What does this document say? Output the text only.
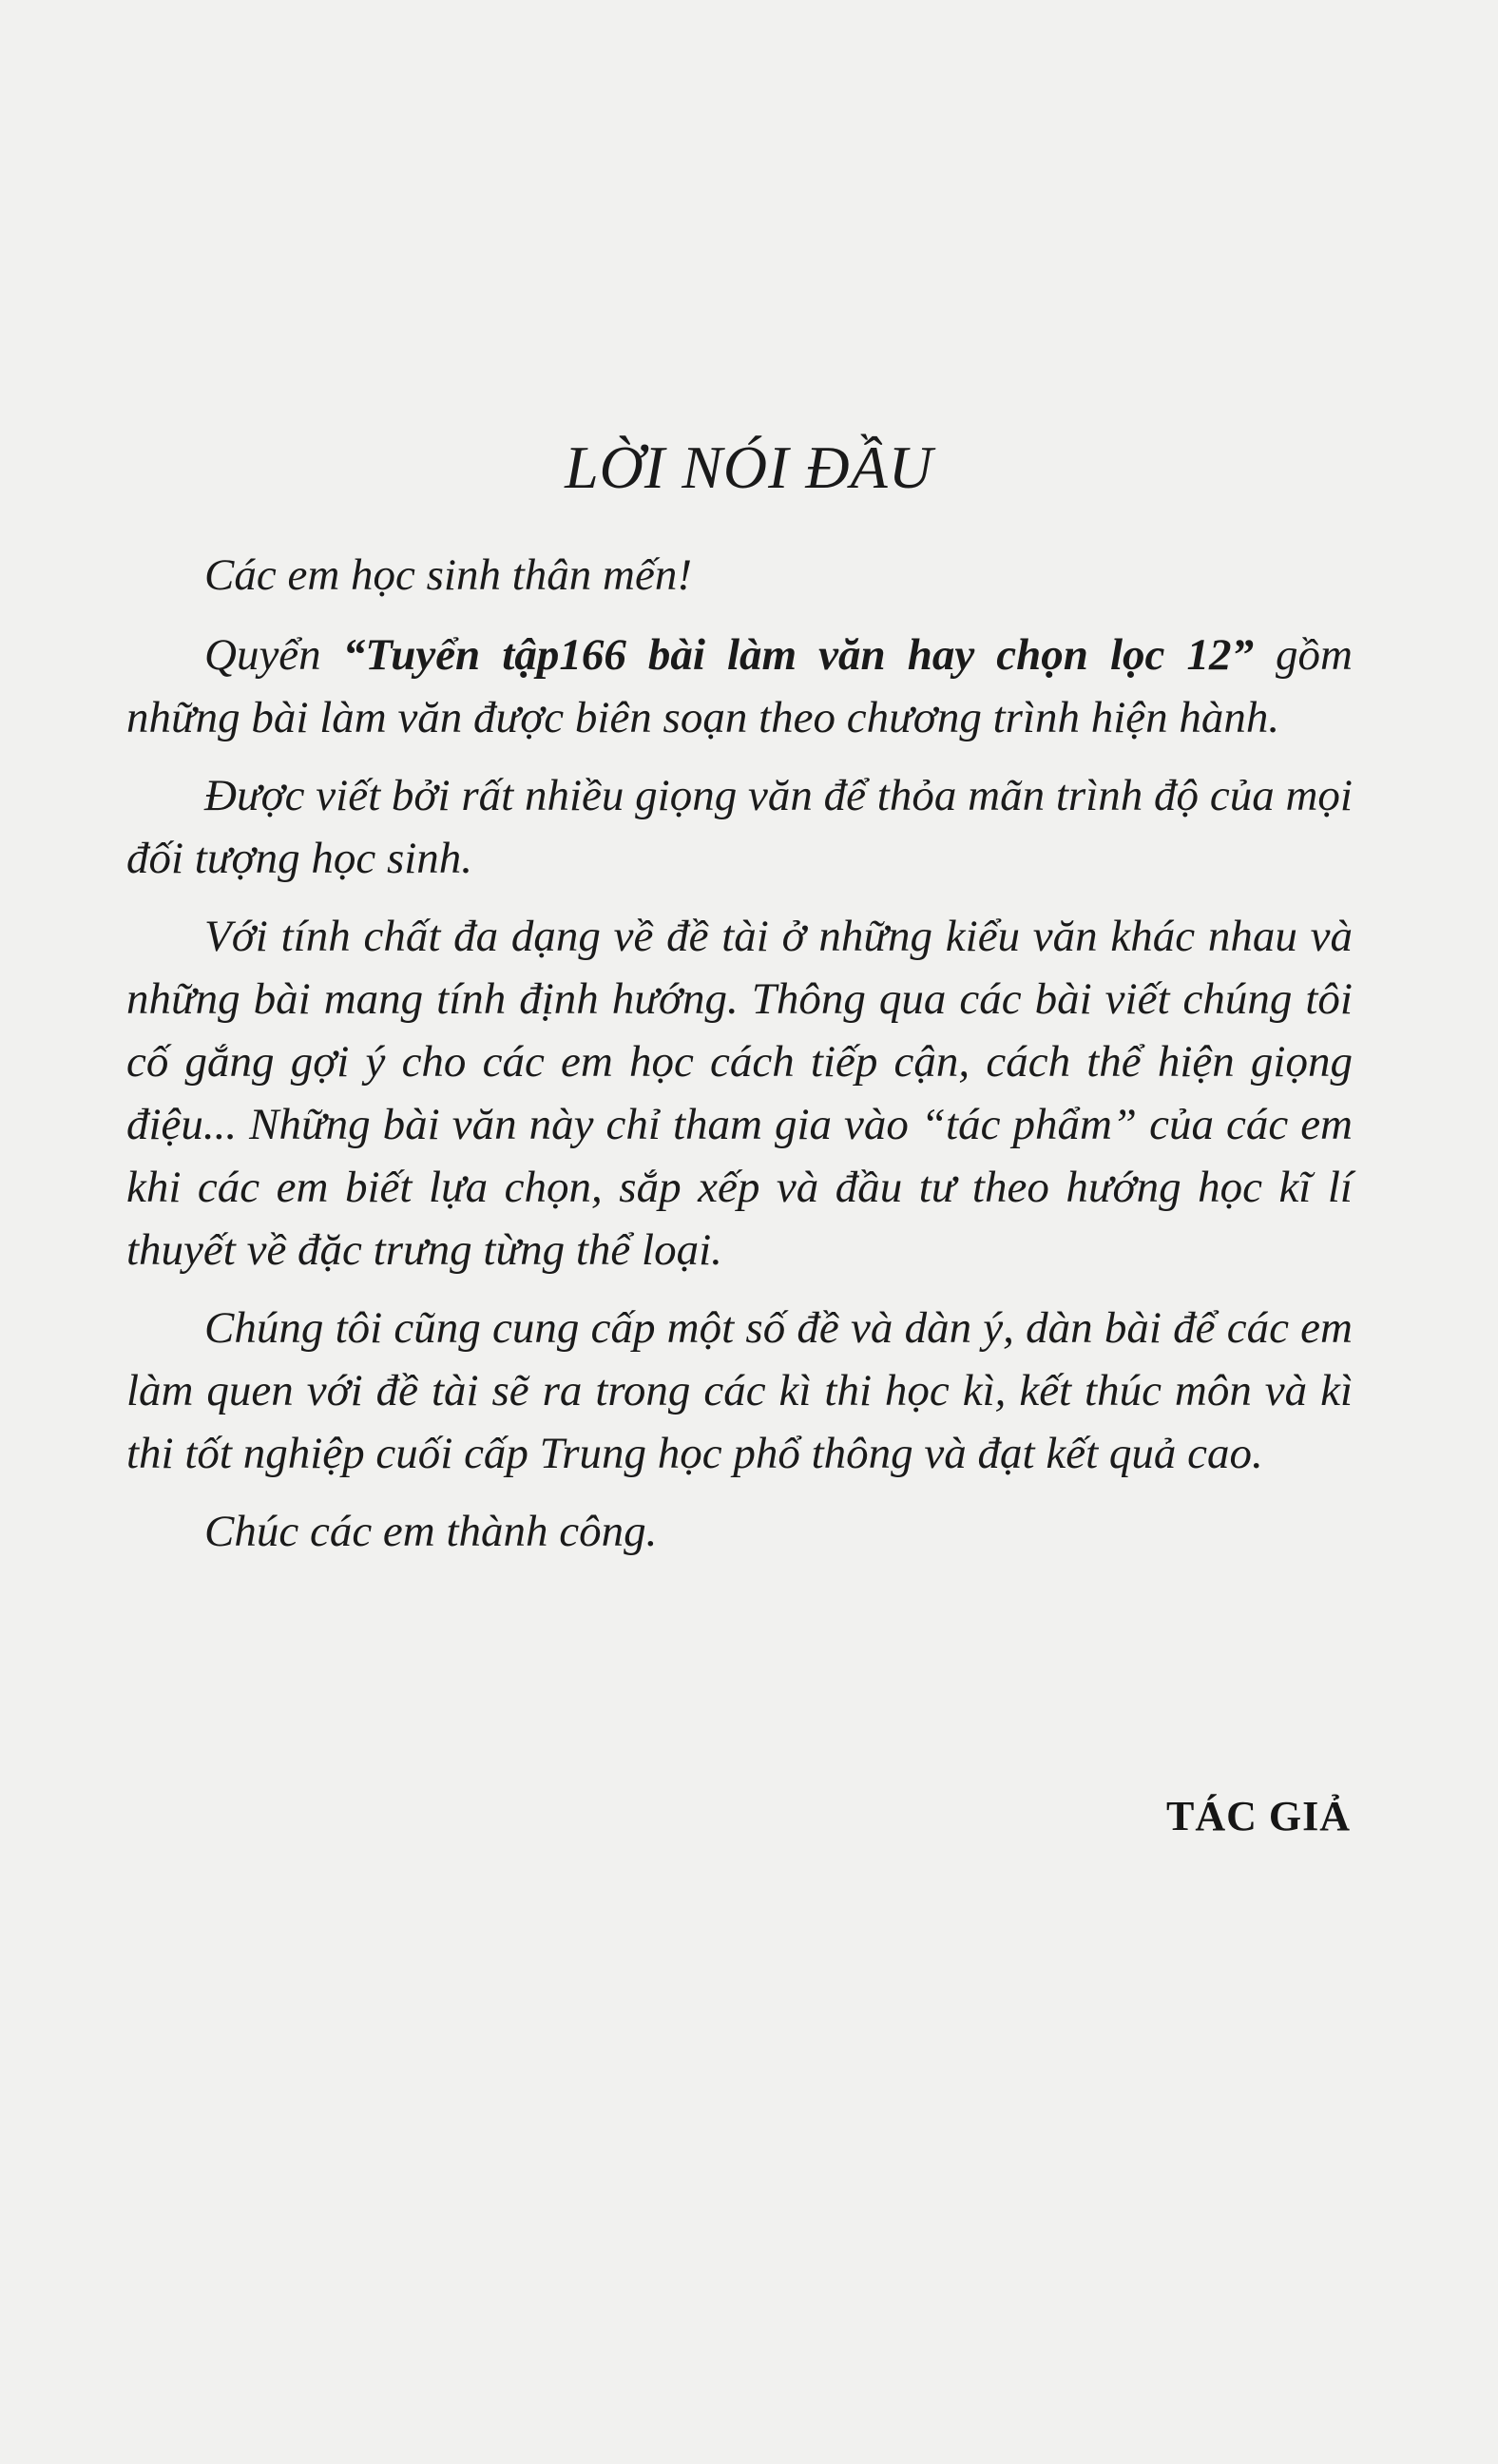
LỜI NÓI ĐẦU

Các em học sinh thân mến!

Quyển “Tuyển tập166 bài làm văn hay chọn lọc 12” gồm những bài làm văn được biên soạn theo chương trình hiện hành.

Được viết bởi rất nhiều giọng văn để thỏa mãn trình độ của mọi đối tượng học sinh.

Với tính chất đa dạng về đề tài ở những kiểu văn khác nhau và những bài mang tính định hướng. Thông qua các bài viết chúng tôi cố gắng gợi ý cho các em học cách tiếp cận, cách thể hiện giọng điệu... Những bài văn này chỉ tham gia vào “tác phẩm” của các em khi các em biết lựa chọn, sắp xếp và đầu tư theo hướng học kĩ lí thuyết về đặc trưng từng thể loại.

Chúng tôi cũng cung cấp một số đề và dàn ý, dàn bài để các em làm quen với đề tài sẽ ra trong các kì thi học kì, kết thúc môn và kì thi tốt nghiệp cuối cấp Trung học phổ thông và đạt kết quả cao.

Chúc các em thành công.

TÁC GIẢ
